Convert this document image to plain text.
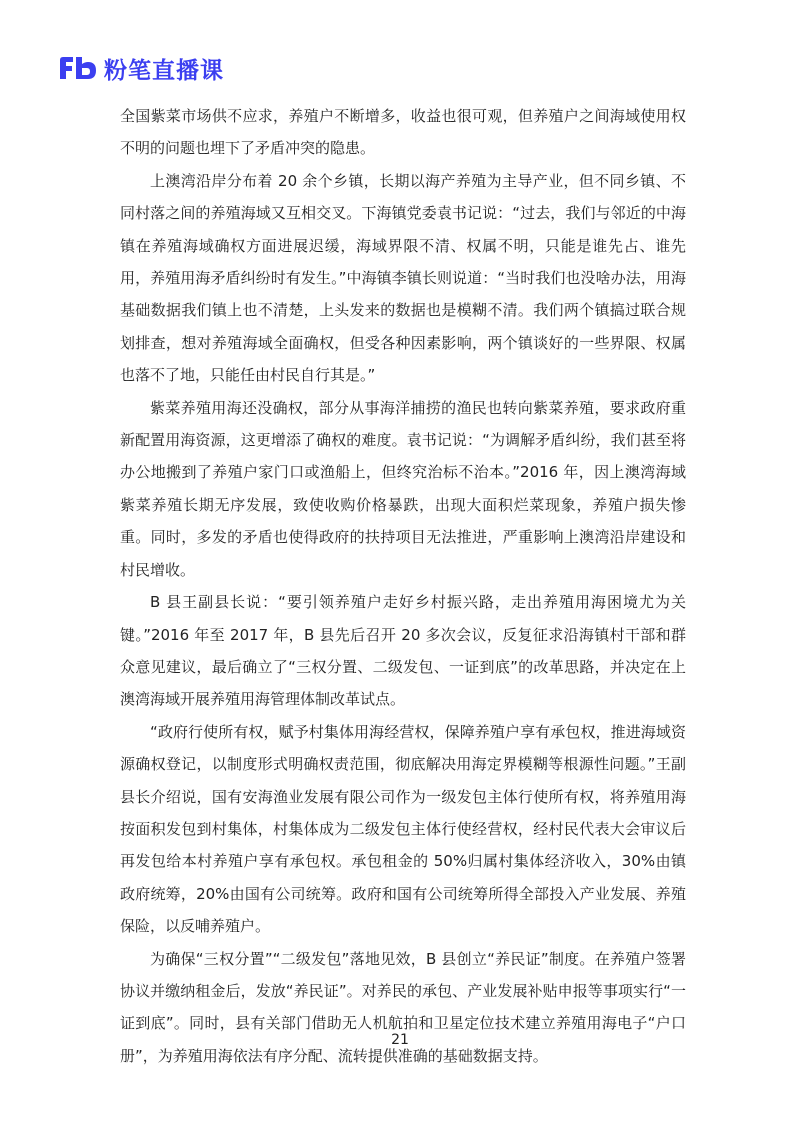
粉笔直播课

全国紫菜市场供不应求，养殖户不断增多，收益也很可观，但养殖户之间海域使用权不明的问题也埋下了矛盾冲突的隐患。

上澳湾沿岸分布着 20 余个乡镇，长期以海产养殖为主导产业，但不同乡镇、不同村落之间的养殖海域又互相交叉。下海镇党委袁书记说：“过去，我们与邻近的中海镇在养殖海域确权方面进展迟缓，海域界限不清、权属不明，只能是谁先占、谁先用，养殖用海矛盾纠纷时有发生。”中海镇李镇长则说道：“当时我们也没啥办法，用海基础数据我们镇上也不清楚，上头发来的数据也是模糊不清。我们两个镇搞过联合规划排查，想对养殖海域全面确权，但受各种因素影响，两个镇谈好的一些界限、权属也落不了地，只能任由村民自行其是。”

紫菜养殖用海还没确权，部分从事海洋捕捞的渔民也转向紫菜养殖，要求政府重新配置用海资源，这更增添了确权的难度。袁书记说：“为调解矛盾纠纷，我们甚至将办公地搬到了养殖户家门口或渔船上，但终究治标不治本。”2016 年，因上澳湾海域紫菜养殖长期无序发展，致使收购价格暴跌，出现大面积烂菜现象，养殖户损失惨重。同时，多发的矛盾也使得政府的扶持项目无法推进，严重影响上澳湾沿岸建设和村民增收。

B 县王副县长说：“要引领养殖户走好乡村振兴路，走出养殖用海困境尤为关键。”2016 年至 2017 年，B 县先后召开 20 多次会议，反复征求沿海镇村干部和群众意见建议，最后确立了“三权分置、二级发包、一证到底”的改革思路，并决定在上澳湾海域开展养殖用海管理体制改革试点。

“政府行使所有权，赋予村集体用海经营权，保障养殖户享有承包权，推进海域资源确权登记，以制度形式明确权责范围，彻底解决用海定界模糊等根源性问题。”王副县长介绍说，国有安海渔业发展有限公司作为一级发包主体行使所有权，将养殖用海按面积发包到村集体，村集体成为二级发包主体行使经营权，经村民代表大会审议后再发包给本村养殖户享有承包权。承包租金的 50%归属村集体经济收入，30%由镇政府统筹，20%由国有公司统筹。政府和国有公司统筹所得全部投入产业发展、养殖保险，以反哺养殖户。

为确保“三权分置”“二级发包”落地见效，B 县创立“养民证”制度。在养殖户签署协议并缴纳租金后，发放“养民证”。对养民的承包、产业发展补贴申报等事项实行“一证到底”。同时，县有关部门借助无人机航拍和卫星定位技术建立养殖用海电子“户口册”，为养殖用海依法有序分配、流转提供准确的基础数据支持。

21
